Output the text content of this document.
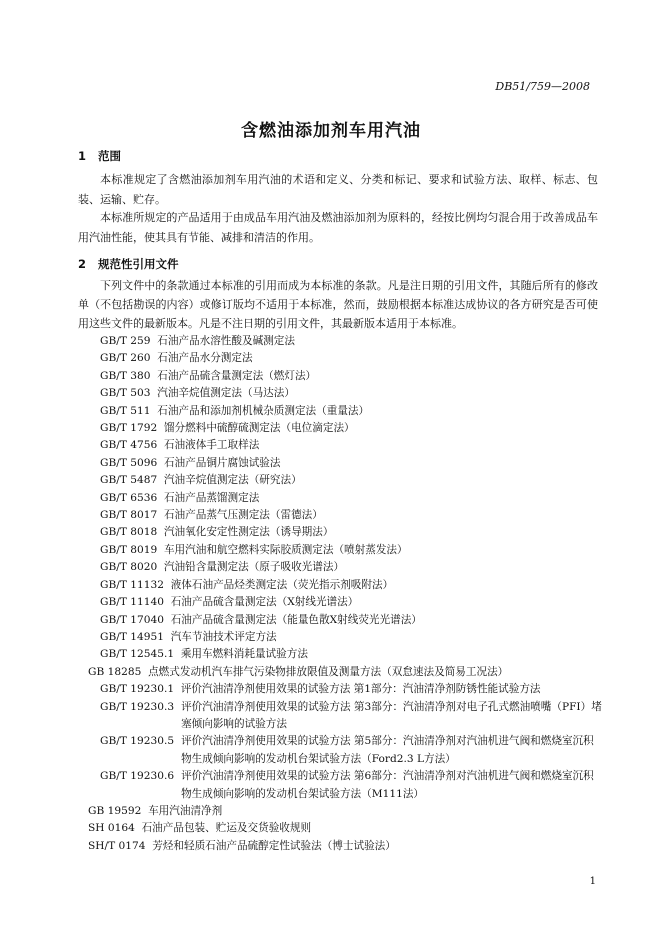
DB51/759—2008
含燃油添加剂车用汽油
1 范围
本标准规定了含燃油添加剂车用汽油的术语和定义、分类和标记、要求和试验方法、取样、标志、包装、运输、贮存。
本标准所规定的产品适用于由成品车用汽油及燃油添加剂为原料的，经按比例均匀混合用于改善成品车用汽油性能，使其具有节能、减排和清洁的作用。
2 规范性引用文件
下列文件中的条款通过本标准的引用而成为本标准的条款。凡是注日期的引用文件，其随后所有的修改单（不包括勘误的内容）或修订版均不适用于本标准，然而，鼓励根据本标准达成协议的各方研究是否可使用这些文件的最新版本。凡是不注日期的引用文件，其最新版本适用于本标准。
GB/T 259 石油产品水溶性酸及碱测定法
GB/T 260 石油产品水分测定法
GB/T 380 石油产品硫含量测定法（燃灯法）
GB/T 503 汽油辛烷值测定法（马达法）
GB/T 511 石油产品和添加剂机械杂质测定法（重量法）
GB/T 1792 馏分燃料中硫醇硫测定法（电位滴定法）
GB/T 4756 石油液体手工取样法
GB/T 5096 石油产品铜片腐蚀试验法
GB/T 5487 汽油辛烷值测定法（研究法）
GB/T 6536 石油产品蒸馏测定法
GB/T 8017 石油产品蒸气压测定法（雷德法）
GB/T 8018 汽油氧化安定性测定法（诱导期法）
GB/T 8019 车用汽油和航空燃料实际胶质测定法（喷射蒸发法）
GB/T 8020 汽油铅含量测定法（原子吸收光谱法）
GB/T 11132 液体石油产品烃类测定法（荧光指示剂吸附法）
GB/T 11140 石油产品硫含量测定法（X射线光谱法）
GB/T 17040 石油产品硫含量测定法（能量色散X射线荧光光谱法）
GB/T 14951 汽车节油技术评定方法
GB/T 12545.1 乘用车燃料消耗量试验方法
GB 18285 点燃式发动机汽车排气污染物排放限值及测量方法（双怠速法及简易工况法）
GB/T 19230.1 评价汽油清净剂使用效果的试验方法 第1部分：汽油清净剂防锈性能试验方法
GB/T 19230.3 评价汽油清净剂使用效果的试验方法 第3部分：汽油清净剂对电子孔式燃油喷嘴（PFI）堵塞倾向影响的试验方法
GB/T 19230.5 评价汽油清净剂使用效果的试验方法 第5部分：汽油清净剂对汽油机进气阀和燃烧室沉积物生成倾向影响的发动机台架试验方法（Ford2.3 L方法）
GB/T 19230.6 评价汽油清净剂使用效果的试验方法 第6部分：汽油清净剂对汽油机进气阀和燃烧室沉积物生成倾向影响的发动机台架试验方法（M111法）
GB 19592 车用汽油清净剂
SH 0164 石油产品包装、贮运及交货验收规则
SH/T 0174 芳烃和轻质石油产品硫醇定性试验法（博士试验法）
1
